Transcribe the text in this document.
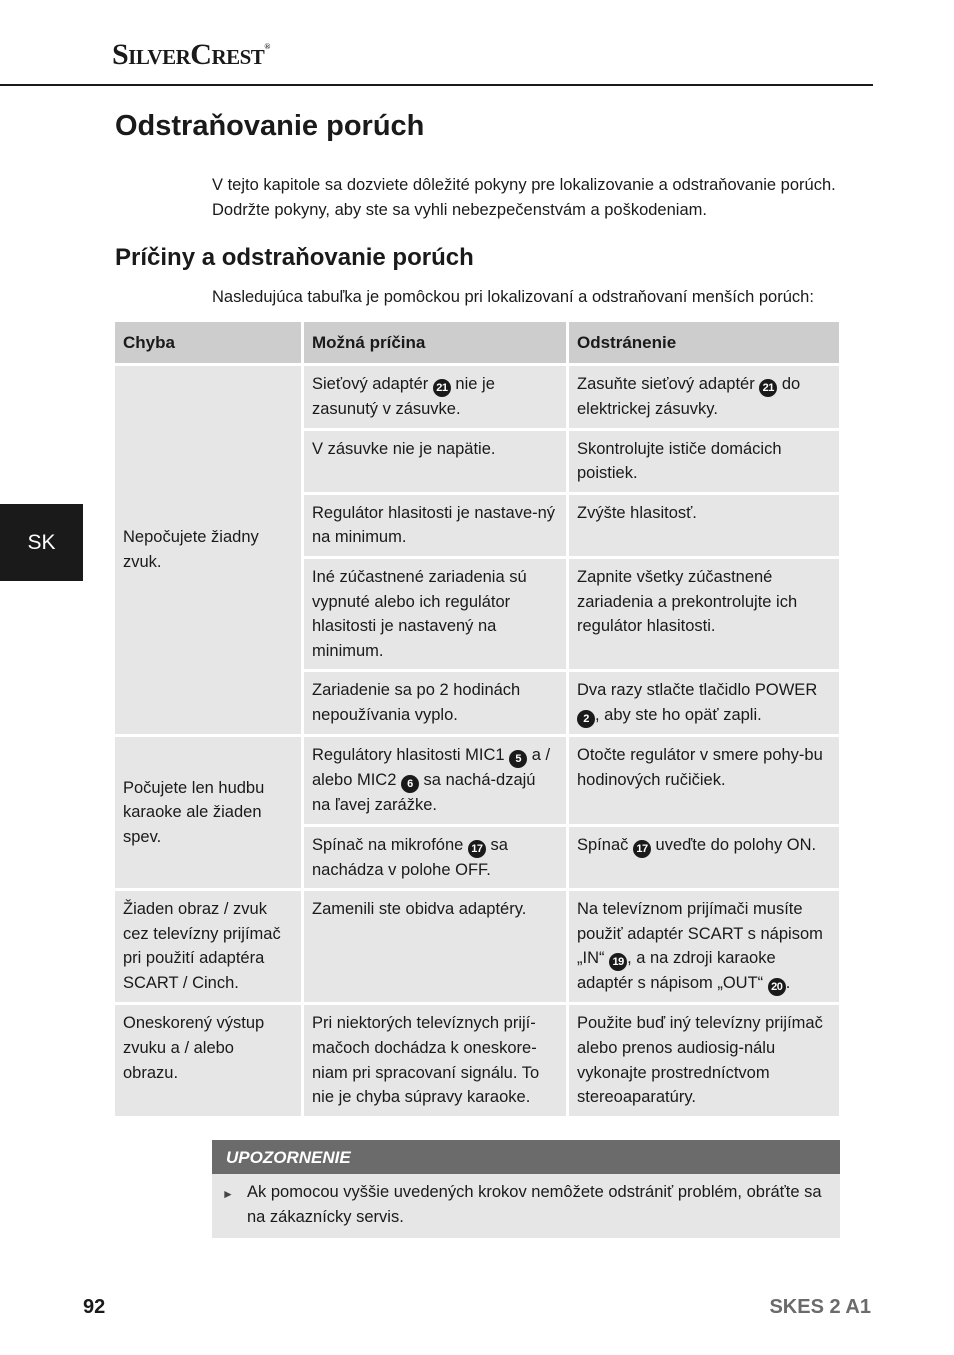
SilverCrest®
Odstraňovanie porúch

V tejto kapitole sa dozviete dôležité pokyny pre lokalizovanie a odstraňovanie porúch. Dodržte pokyny, aby ste sa vyhli nebezpečenstvám a poškodeniam.

Príčiny a odstraňovanie porúch

Nasledujúca tabuľka je pomôckou pri lokalizovaní a odstraňovaní menších porúch:

SK
Chyba	Možná príčina	Odstránenie
Nepočujete žiadny zvuk.	Sieťový adaptér 21 nie je zasunutý v zásuvke.	Zasuňte sieťový adaptér 21 do elektrickej zásuvky.
	V zásuvke nie je napätie.	Skontrolujte ističe domácich poistiek.
	Regulátor hlasitosti je nastave-ný na minimum.	Zvýšte hlasitosť.
	Iné zúčastnené zariadenia sú vypnuté alebo ich regulátor hlasitosti je nastavený na minimum.	Zapnite všetky zúčastnené zariadenia a prekontrolujte ich regulátor hlasitosti.
	Zariadenie sa po 2 hodinách nepoužívania vyplo.	Dva razy stlačte tlačidlo POWER2 , aby ste ho opäť zapli.
Počujete len hudbu karaoke ale žiaden spev.	Regulátory hlasitosti MIC1 5 a / alebo MIC2 6 sa nachá-dzajú na ľavej zarážke.	Otočte regulátor v smere pohy-bu hodinových ručičiek.
	Spínač na mikrofóne 17 sa nachádza v polohe OFF.	Spínač 17 uveďte do polohy ON.
Žiaden obraz / zvuk cez televízny prijímač pri použití adaptéra SCART / Cinch.	Zamenili ste obidva adaptéry.	Na televíznom prijímači musíte použiť adaptér SCART s nápisom „IN“ 19 , a na zdroji karaoke adaptér s nápisom „OUT“ 20 .
Oneskorený výstup zvuku a / alebo obrazu.	Pri niektorých televíznych prijí-mačoch dochádza k oneskore-niam pri spracovaní signálu. To nie je chyba súpravy karaoke.	Použite buď iný televízny prijímač alebo prenos audiosig-nálu vykonajte prostredníctvom stereoaparatúry.
UPOZORNENIE
► Ak pomocou vyššie uvedených krokov nemôžete odstrániť problém, obráťte sa na zákaznícky servis.
92	SKES 2 A1
